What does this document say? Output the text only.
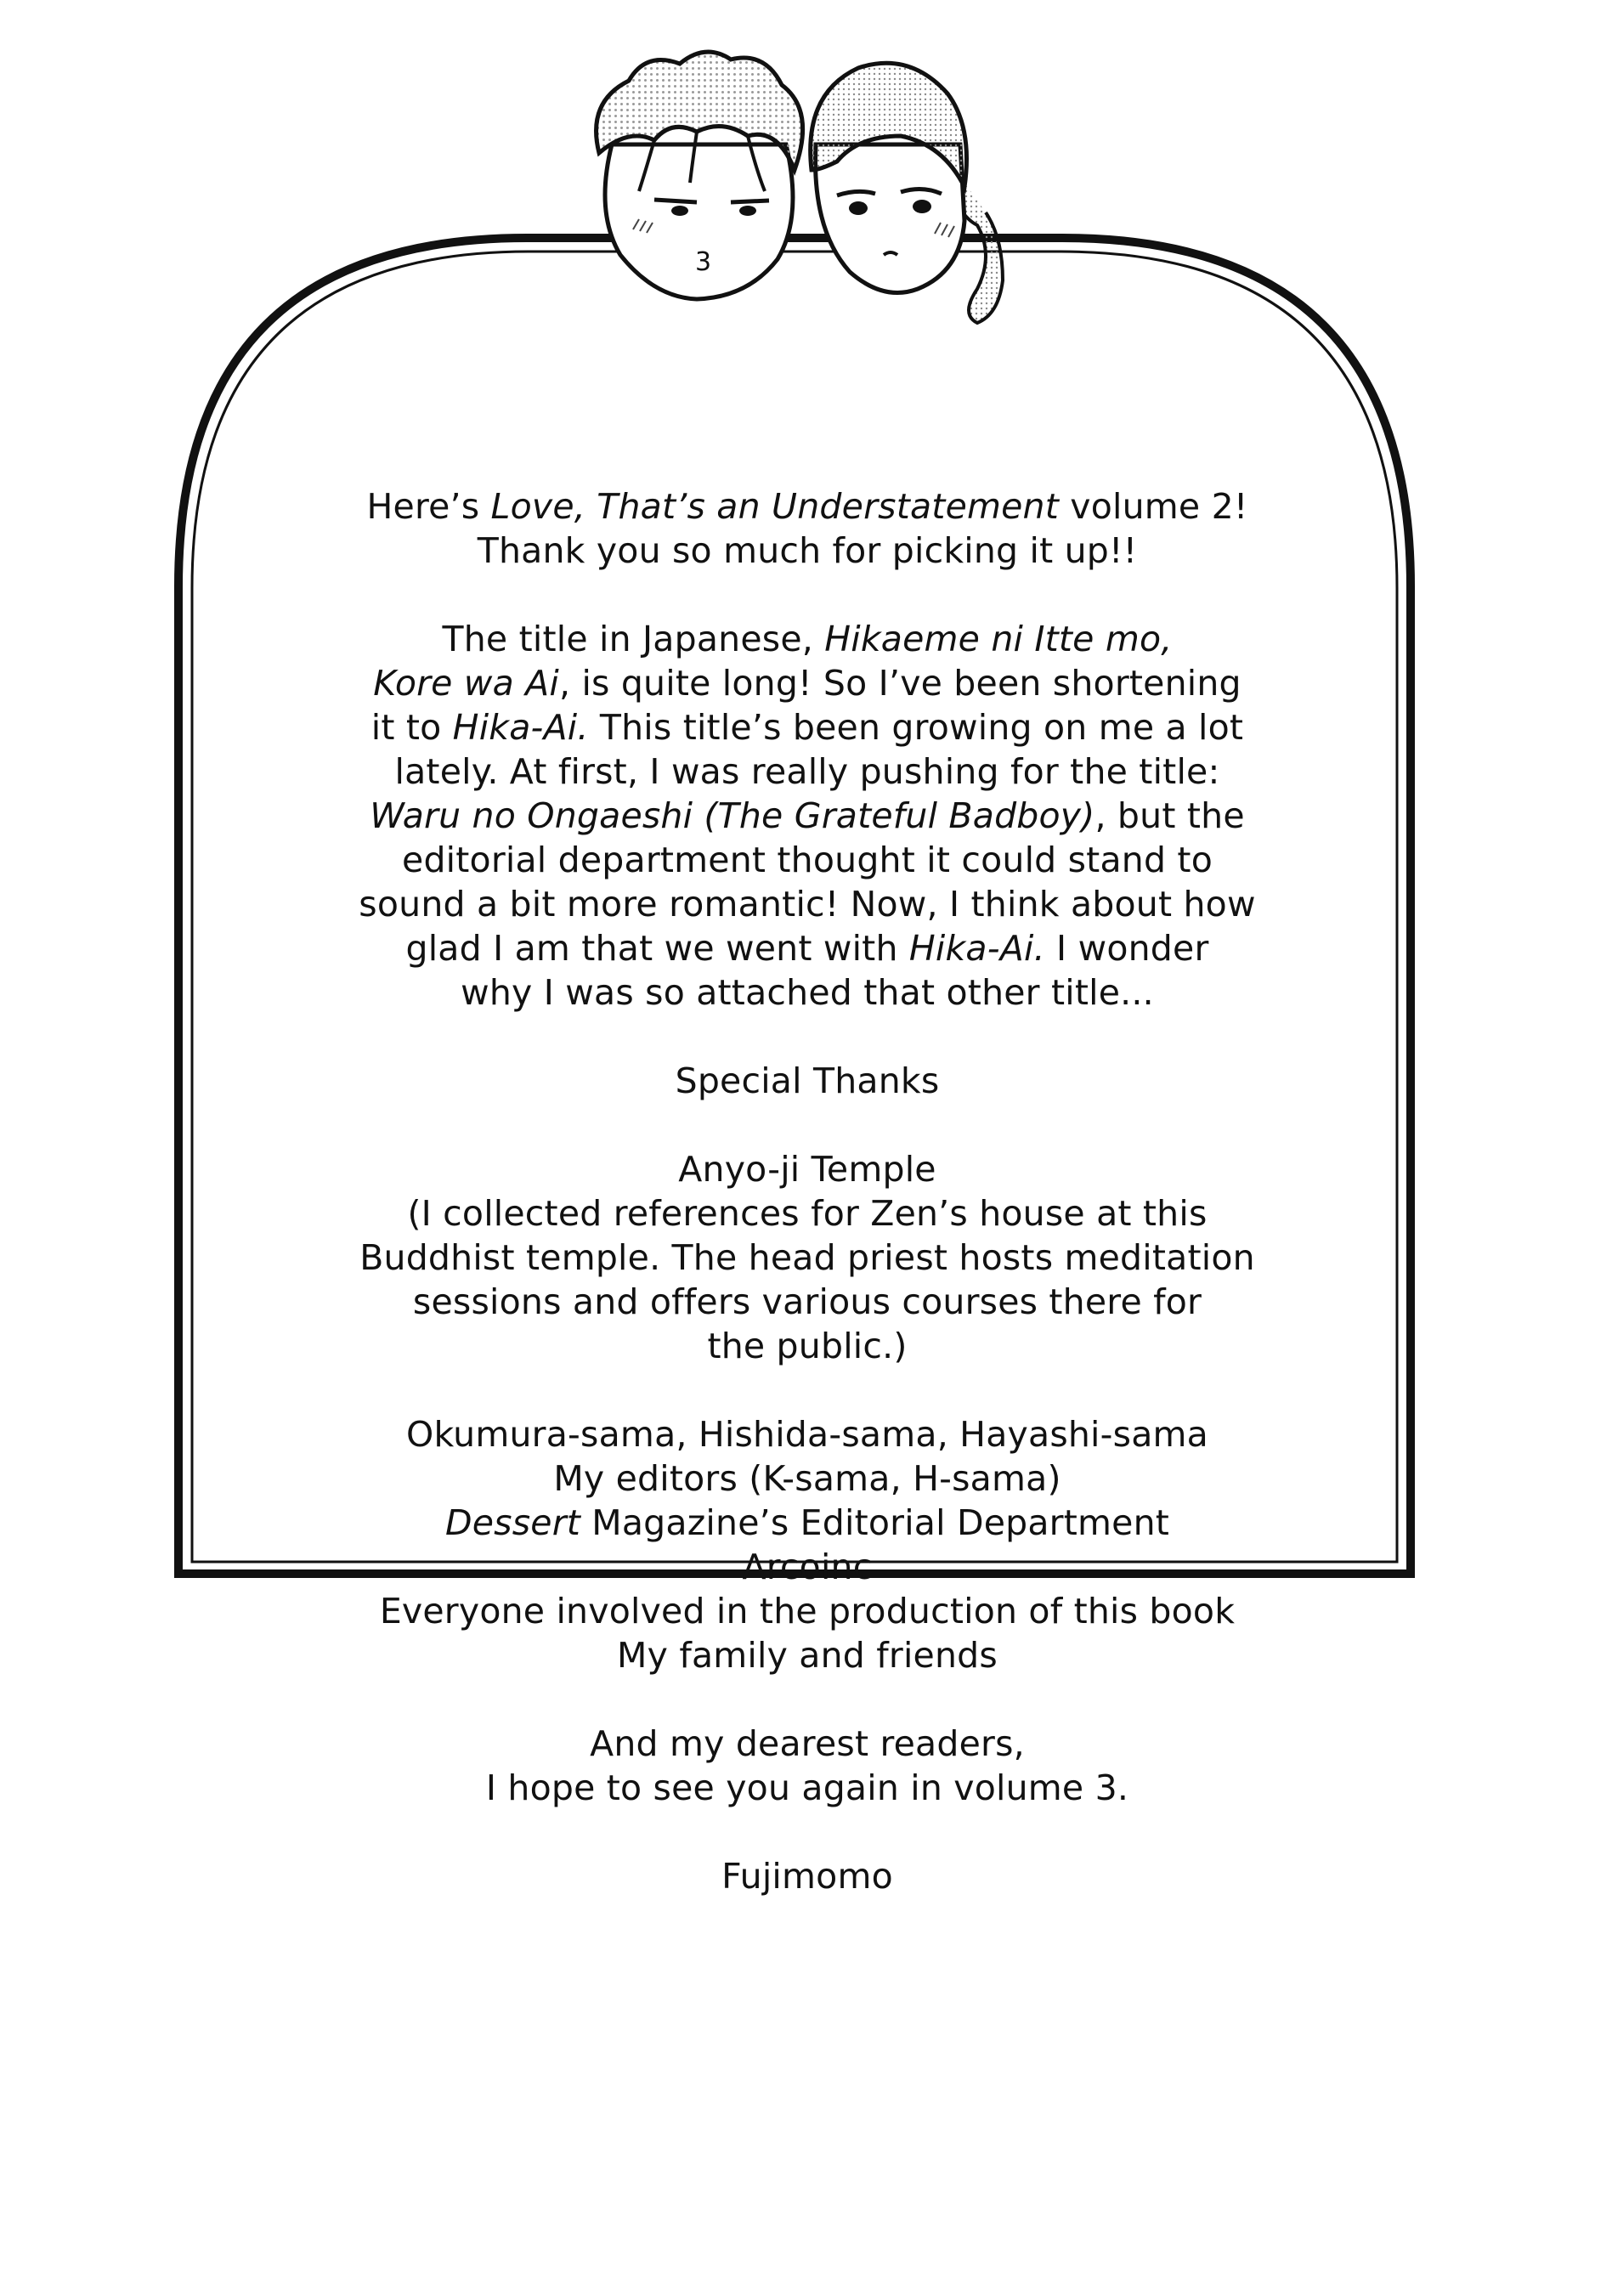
3

Here’s Love, That’s an Understatement volume 2!
Thank you so much for picking it up!!

The title in Japanese, Hikaeme ni Itte mo,
Kore wa Ai, is quite long! So I’ve been shortening
it to Hika-Ai. This title’s been growing on me a lot
lately. At first, I was really pushing for the title:
Waru no Ongaeshi (The Grateful Badboy), but the
editorial department thought it could stand to
sound a bit more romantic! Now, I think about how
glad I am that we went with Hika-Ai. I wonder
why I was so attached that other title...

Special Thanks

Anyo-ji Temple
(I collected references for Zen’s house at this
Buddhist temple. The head priest hosts meditation
sessions and offers various courses there for
the public.)

Okumura-sama, Hishida-sama, Hayashi-sama
My editors (K-sama, H-sama)
Dessert Magazine’s Editorial Department
Arcoinc
Everyone involved in the production of this book
My family and friends

And my dearest readers,
I hope to see you again in volume 3.

Fujimomo
